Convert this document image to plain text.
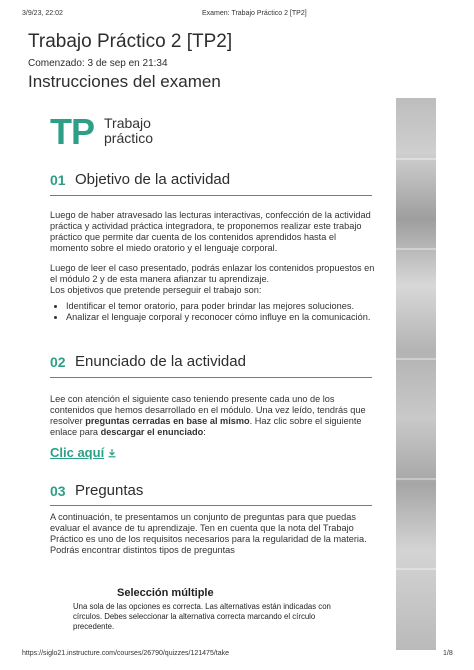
3/9/23, 22:02	Examen: Trabajo Práctico 2 [TP2]
Trabajo Práctico 2 [TP2]
Comenzado: 3 de sep en 21:34
Instrucciones del examen
TP Trabajo
práctico
01 Objetivo de la actividad

Luego de haber atravesado las lecturas interactivas, confección de la actividad práctica y actividad práctica integradora, te proponemos realizar este trabajo práctico que permite dar cuenta de los contenidos aprendidos hasta el momento sobre el miedo oratorio y el lenguaje corporal.

Luego de leer el caso presentado, podrás enlazar los contenidos propuestos en el módulo 2 y de esta manera afianzar tu aprendizaje.

Los objetivos que pretende perseguir el trabajo son:

• Identificar el temor oratorio, para poder brindar las mejores soluciones.
• Analizar el lenguaje corporal y reconocer cómo influye en la comunicación.
02 Enunciado de la actividad

Lee con atención el siguiente caso teniendo presente cada uno de los contenidos que hemos desarrollado en el módulo. Una vez leído, tendrás que resolver preguntas cerradas en base al mismo. Haz clic sobre el siguiente enlace para descargar el enunciado:

Clic aquí
03 Preguntas
A continuación, te presentamos un conjunto de preguntas para que puedas evaluar el avance de tu aprendizaje. Ten en cuenta que la nota del Trabajo Práctico es uno de los requisitos necesarios para la regularidad de la materia. Podrás encontrar distintos tipos de preguntas
Selección múltiple
Una sola de las opciones es correcta. Las alternativas están indicadas con círculos. Debes seleccionar la alternativa correcta marcando el círculo precedente.
https://siglo21.instructure.com/courses/26790/quizzes/121475/take	1/8
